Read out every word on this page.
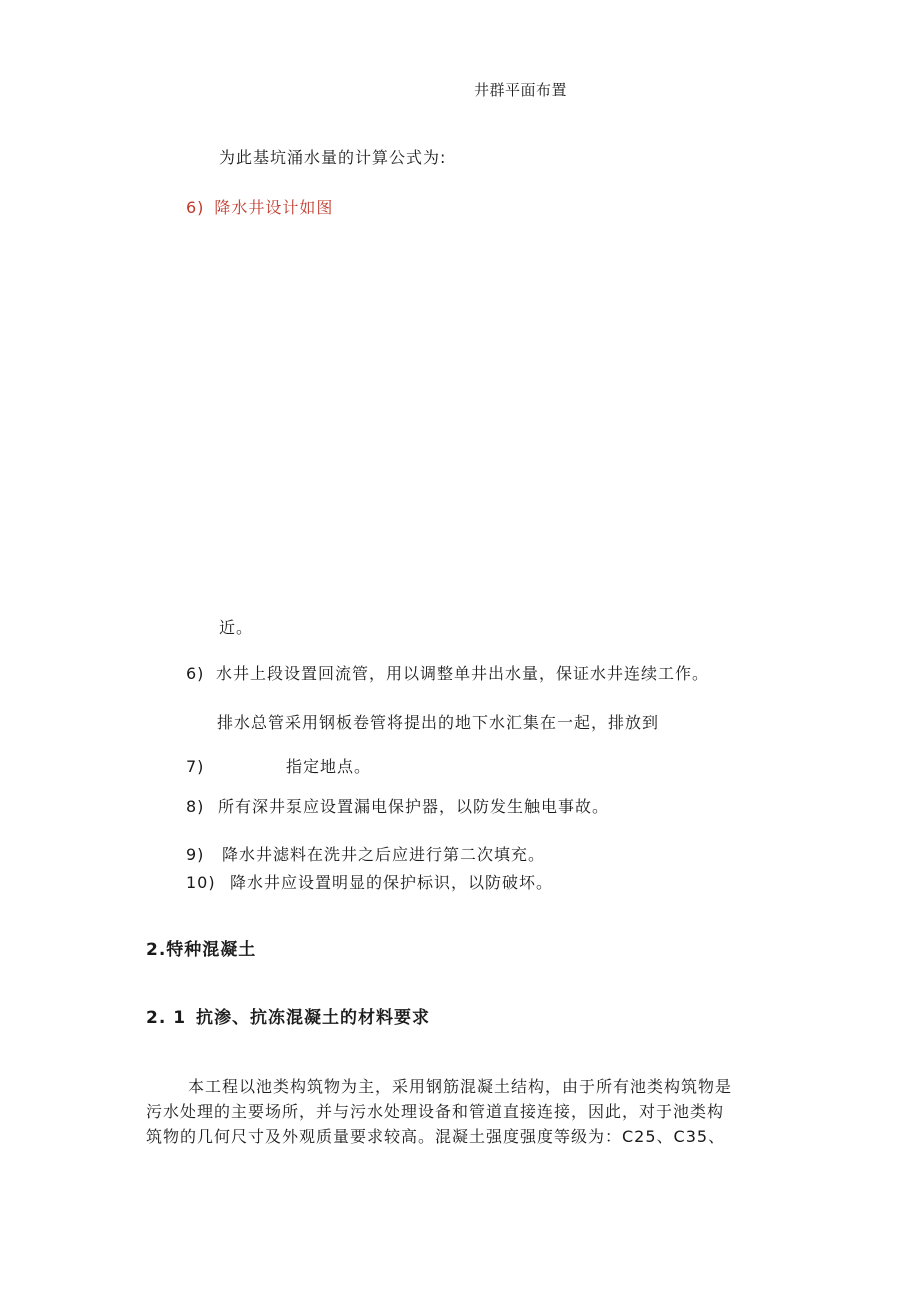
井群平面布置
为此基坑涌水量的计算公式为:
6) 降水井设计如图
近。
6) 水井上段设置回流管，用以调整单井出水量，保证水井连续工作。
排水总管采用钢板卷管将提出的地下水汇集在一起，排放到
7)	指定地点。
8) 所有深井泵应设置漏电保护器，以防发生触电事故。
9) 降水井滤料在洗井之后应进行第二次填充。
10) 降水井应设置明显的保护标识，以防破坏。
2.特种混凝土
2. 1 抗渗、抗冻混凝土的材料要求
本工程以池类构筑物为主，采用钢筋混凝土结构，由于所有池类构筑物是
污水处理的主要场所，并与污水处理设备和管道直接连接，因此，对于池类构
筑物的几何尺寸及外观质量要求较高。混凝土强度强度等级为：C25、C35、
